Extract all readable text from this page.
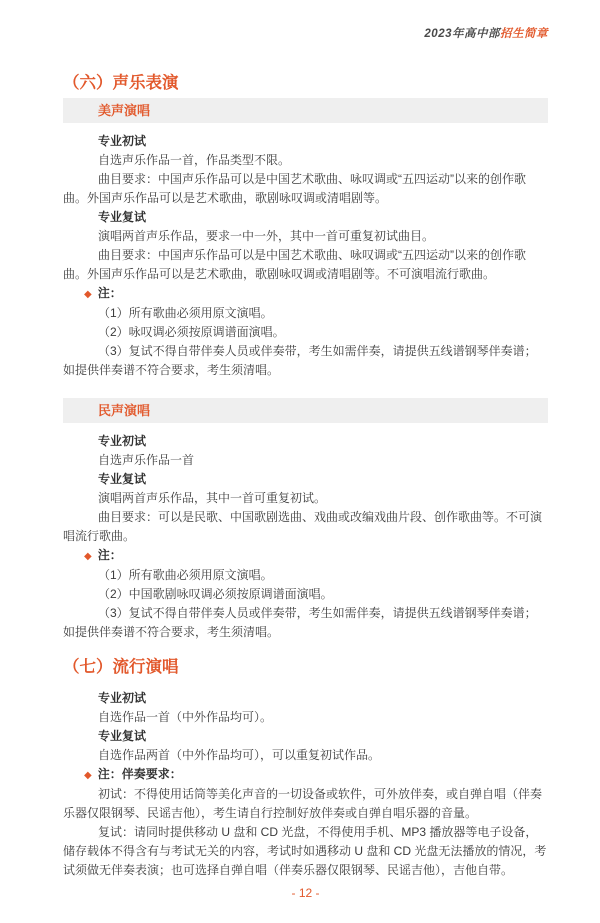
2023年高中部招生简章
（六）声乐表演
美声演唱
专业初试
自选声乐作品一首，作品类型不限。
曲目要求：中国声乐作品可以是中国艺术歌曲、咏叹调或“五四运动”以来的创作歌曲。外国声乐作品可以是艺术歌曲，歌剧咏叹调或清唱剧等。
专业复试
演唱两首声乐作品，要求一中一外，其中一首可重复初试曲目。
曲目要求：中国声乐作品可以是中国艺术歌曲、咏叹调或“五四运动”以来的创作歌曲。外国声乐作品可以是艺术歌曲，歌剧咏叹调或清唱剧等。不可演唱流行歌曲。
◆ 注：
（1）所有歌曲必须用原文演唱。
（2）咏叹调必须按原调谱面演唱。
（3）复试不得自带伴奏人员或伴奏带，考生如需伴奏，请提供五线谱钢琴伴奏谱；如提供伴奏谱不符合要求，考生须清唱。
民声演唱
专业初试
自选声乐作品一首
专业复试
演唱两首声乐作品，其中一首可重复初试。
曲目要求：可以是民歌、中国歌剧选曲、戏曲或改编戏曲片段、创作歌曲等。不可演唱流行歌曲。
◆ 注：
（1）所有歌曲必须用原文演唱。
（2）中国歌剧咏叹调必须按原调谱面演唱。
（3）复试不得自带伴奏人员或伴奏带，考生如需伴奏，请提供五线谱钢琴伴奏谱；如提供伴奏谱不符合要求，考生须清唱。
（七）流行演唱
专业初试
自选作品一首（中外作品均可）。
专业复试
自选作品两首（中外作品均可），可以重复初试作品。
◆ 注：伴奏要求：
初试：不得使用话筒等美化声音的一切设备或软件，可外放伴奏，或自弹自唱（伴奏乐器仅限钢琴、民谣吉他），考生请自行控制好放伴奏或自弹自唱乐器的音量。
复试：请同时提供移动 U 盘和 CD 光盘，不得使用手机、MP3 播放器等电子设备，储存载体不得含有与考试无关的内容，考试时如遇移动 U 盘和 CD 光盘无法播放的情况，考试须做无伴奏表演；也可选择自弹自唱（伴奏乐器仅限钢琴、民谣吉他），吉他自带。
- 12 -
